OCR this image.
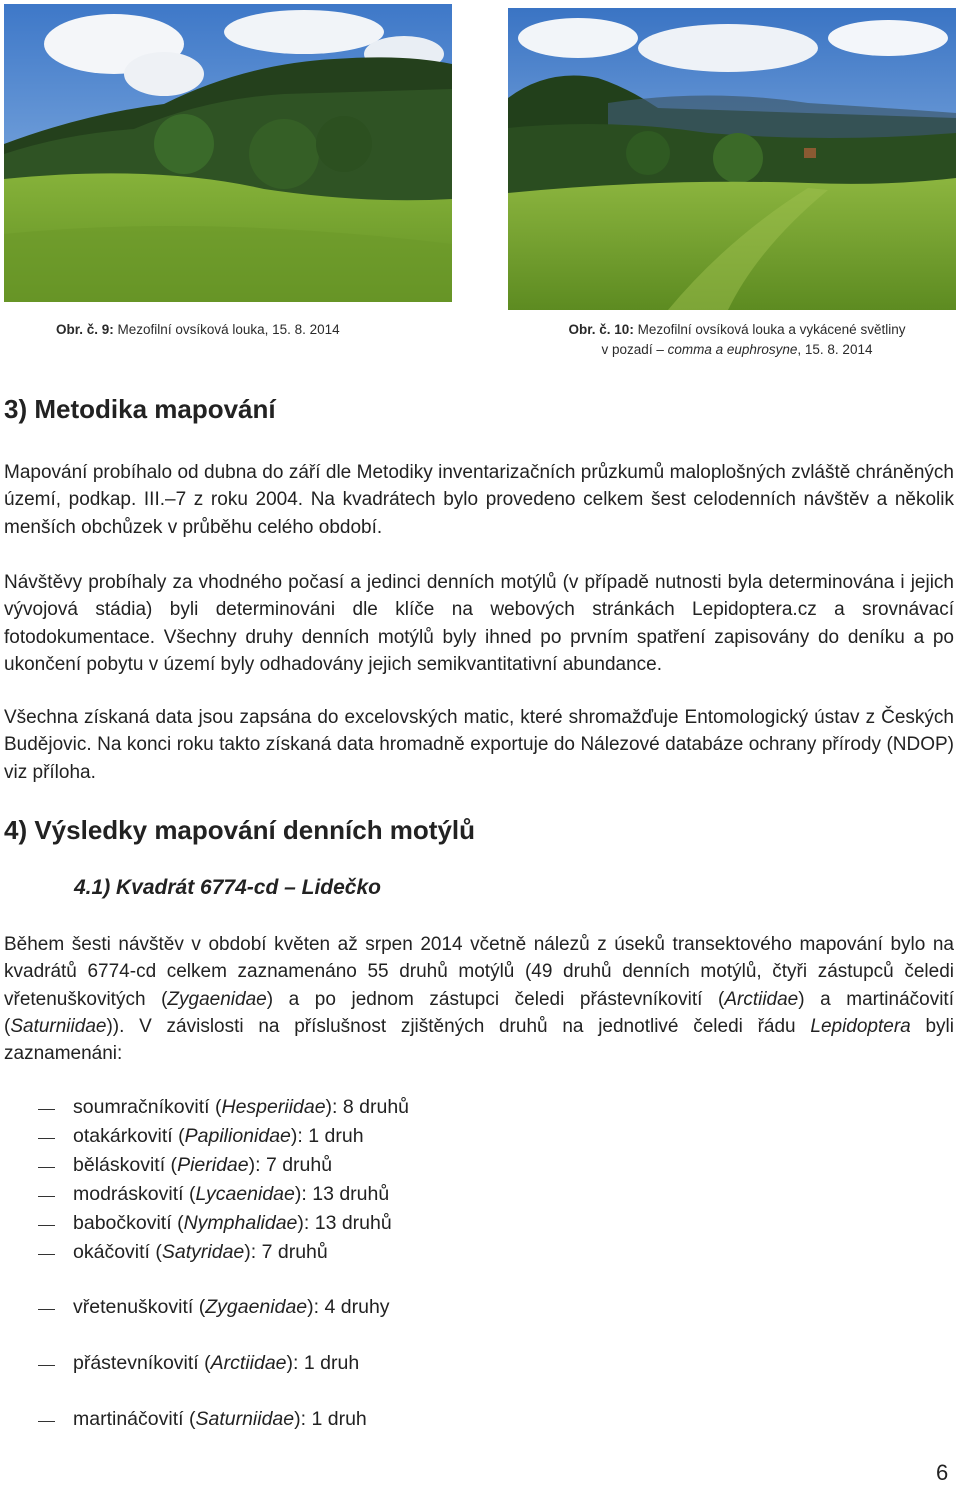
Obr. č. 9: Mezofilní ovsíková louka, 15. 8. 2014	Obr. č. 10: Mezofilní ovsíková louka a vykácené světliny
v pozadí – comma a euphrosyne, 15. 8. 2014
3) Metodika mapování

Mapování probíhalo od dubna do září dle Metodiky inventarizačních průzkumů maloplošných zvláště chráněných území, podkap. III.–7 z roku 2004. Na kvadrátech bylo provedeno celkem šest celodenních návštěv a několik menších obchůzek v průběhu celého období.

Návštěvy probíhaly za vhodného počasí a jedinci denních motýlů (v případě nutnosti byla determinována i jejich vývojová stádia) byli determinováni dle klíče na webových stránkách Lepidoptera.cz a srovnávací fotodokumentace. Všechny druhy denních motýlů byly ihned po prvním spatření zapisovány do deníku a po ukončení pobytu v území byly odhadovány jejich semikvantitativní abundance.

Všechna získaná data jsou zapsána do excelovských matic, které shromažďuje Entomologický ústav z Českých Budějovic. Na konci roku takto získaná data hromadně exportuje do Nálezové databáze ochrany přírody (NDOP) viz příloha.

4) Výsledky mapování denních motýlů
4.1) Kvadrát 6774-cd – Lidečko

Během šesti návštěv v období květen až srpen 2014 včetně nálezů z úseků transektového mapování bylo na kvadrátů 6774-cd celkem zaznamenáno 55 druhů motýlů (49 druhů denních motýlů, čtyři zástupců čeledi vřetenuškovitých (Zygaenidae) a po jednom zástupci čeledi přástevníkovití (Arctiidae) a martináčovití (Saturniidae)). V závislosti na příslušnost zjištěných druhů na jednotlivé čeledi řádu Lepidoptera byli zaznamenáni:

soumračníkovití (Hesperiidae): 8 druhů
otakárkovití (Papilionidae): 1 druh
běláskovití (Pieridae): 7 druhů
modráskovití (Lycaenidae): 13 druhů
babočkovití (Nymphalidae): 13 druhů
okáčovití (Satyridae): 7 druhů
vřetenuškovití (Zygaenidae): 4 druhy
přástevníkovití (Arctiidae): 1 druh
martináčovití (Saturniidae): 1 druh
6
